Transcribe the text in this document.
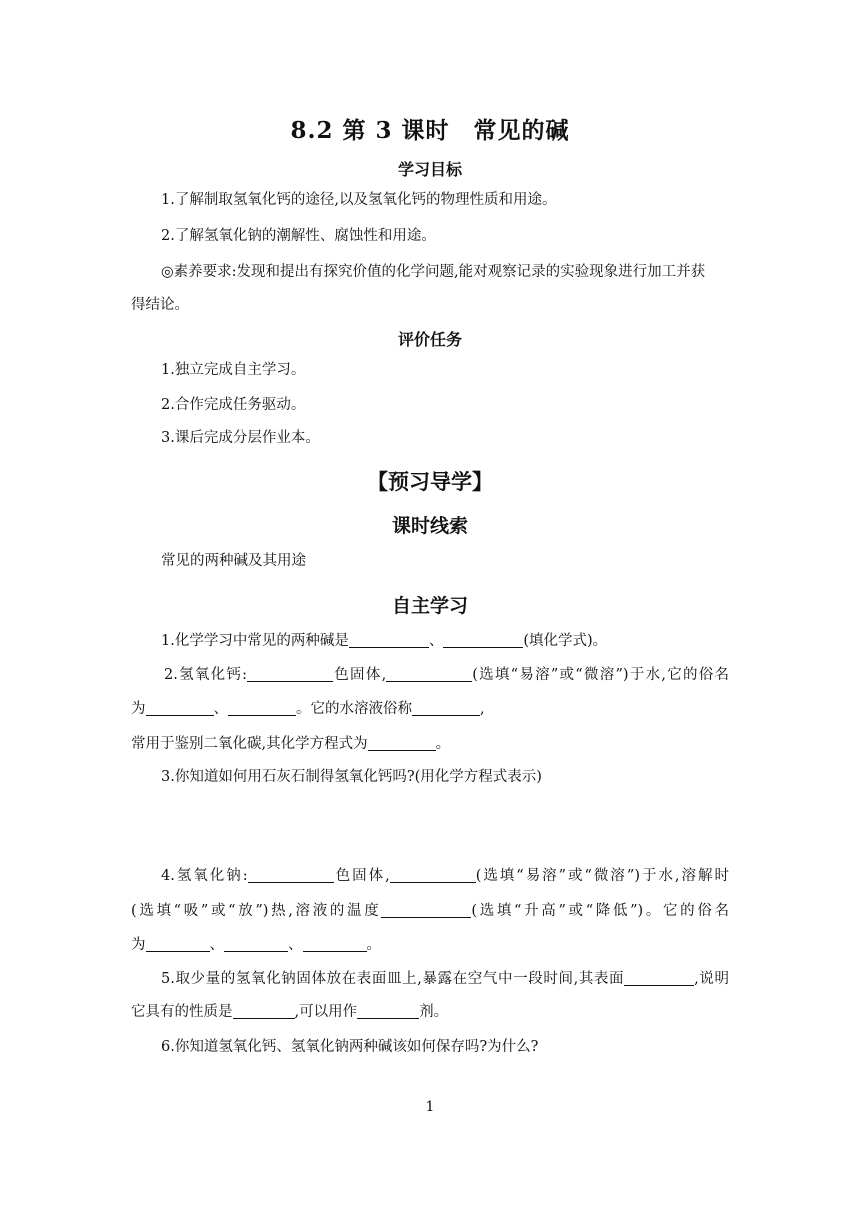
8.2 第 3 课时　常见的碱
学习目标
1.了解制取氢氧化钙的途径,以及氢氧化钙的物理性质和用途。
2.了解氢氧化钠的潮解性、腐蚀性和用途。
◎素养要求:发现和提出有探究价值的化学问题,能对观察记录的实验现象进行加工并获
得结论。
评价任务
1.独立完成自主学习。
2.合作完成任务驱动。
3.课后完成分层作业本。
【预习导学】
课时线索
常见的两种碱及其用途
自主学习
1.化学学习中常见的两种碱是	、	(填化学式)。
2.氢氧化钙:	色固体,	(选填“易溶”或“微溶”)于水,它的俗名
为	、	。它的水溶液俗称	,
常用于鉴别二氧化碳,其化学方程式为	。
3.你知道如何用石灰石制得氢氧化钙吗?(用化学方程式表示)
4.氢氧化钠:	色固体,	(选填“易溶”或“微溶”)于水,溶解时
(选填“吸”或“放”)热,溶液的温度	(选填“升高”或“降低”)。它的俗名
为	、	、	。
5.取少量的氢氧化钠固体放在表面皿上,暴露在空气中一段时间,其表面	,说明
它具有的性质是	,可以用作	剂。
6.你知道氢氧化钙、氢氧化钠两种碱该如何保存吗?为什么?
1
